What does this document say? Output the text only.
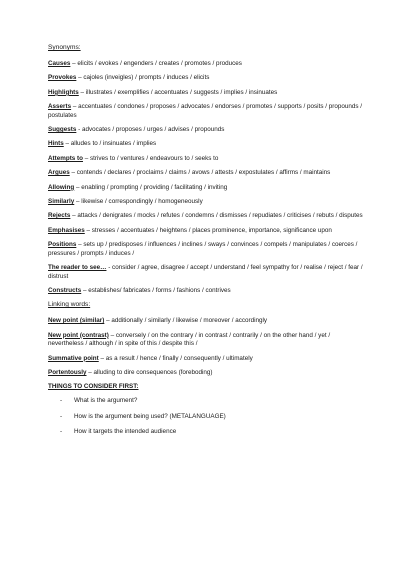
Synonyms:
Causes – elicits / evokes / engenders / creates / promotes / produces
Provokes – cajoles (inveigles) / prompts / induces / elicits
Highlights – illustrates / exemplifies / accentuates / suggests / implies / insinuates
Asserts – accentuates / condones / proposes / advocates / endorses / promotes / supports / posits / propounds / postulates
Suggests - advocates / proposes / urges / advises / propounds
Hints – alludes to / insinuates / implies
Attempts to – strives to / ventures / endeavours to / seeks to
Argues – contends / declares / proclaims / claims / avows / attests / expostulates / affirms / maintains
Allowing – enabling / prompting / providing / facilitating / inviting
Similarly – likewise / correspondingly / homogeneously
Rejects – attacks / denigrates / mocks / refutes / condemns / dismisses / repudiates / criticises / rebuts / disputes
Emphasises – stresses / accentuates / heightens / places prominence, importance, significance upon
Positions – sets up / predisposes / influences / inclines / sways / convinces / compels / manipulates / coerces / pressures / prompts / induces /
The reader to see… - consider / agree, disagree / accept / understand / feel sympathy for / realise / reject / fear / distrust
Constructs – establishes/ fabricates / forms / fashions / contrives
Linking words:
New point (similar) – additionally / similarly / likewise / moreover / accordingly
New point (contrast) – conversely / on the contrary / in contrast / contrarily / on the other hand / yet / nevertheless / although / in spite of this / despite this /
Summative point – as a result / hence / finally / consequently / ultimately
Portentously – alluding to dire consequences (foreboding)
THINGS TO CONSIDER FIRST:
- What is the argument?
- How is the argument being used? (METALANGUAGE)
- How it targets the intended audience
